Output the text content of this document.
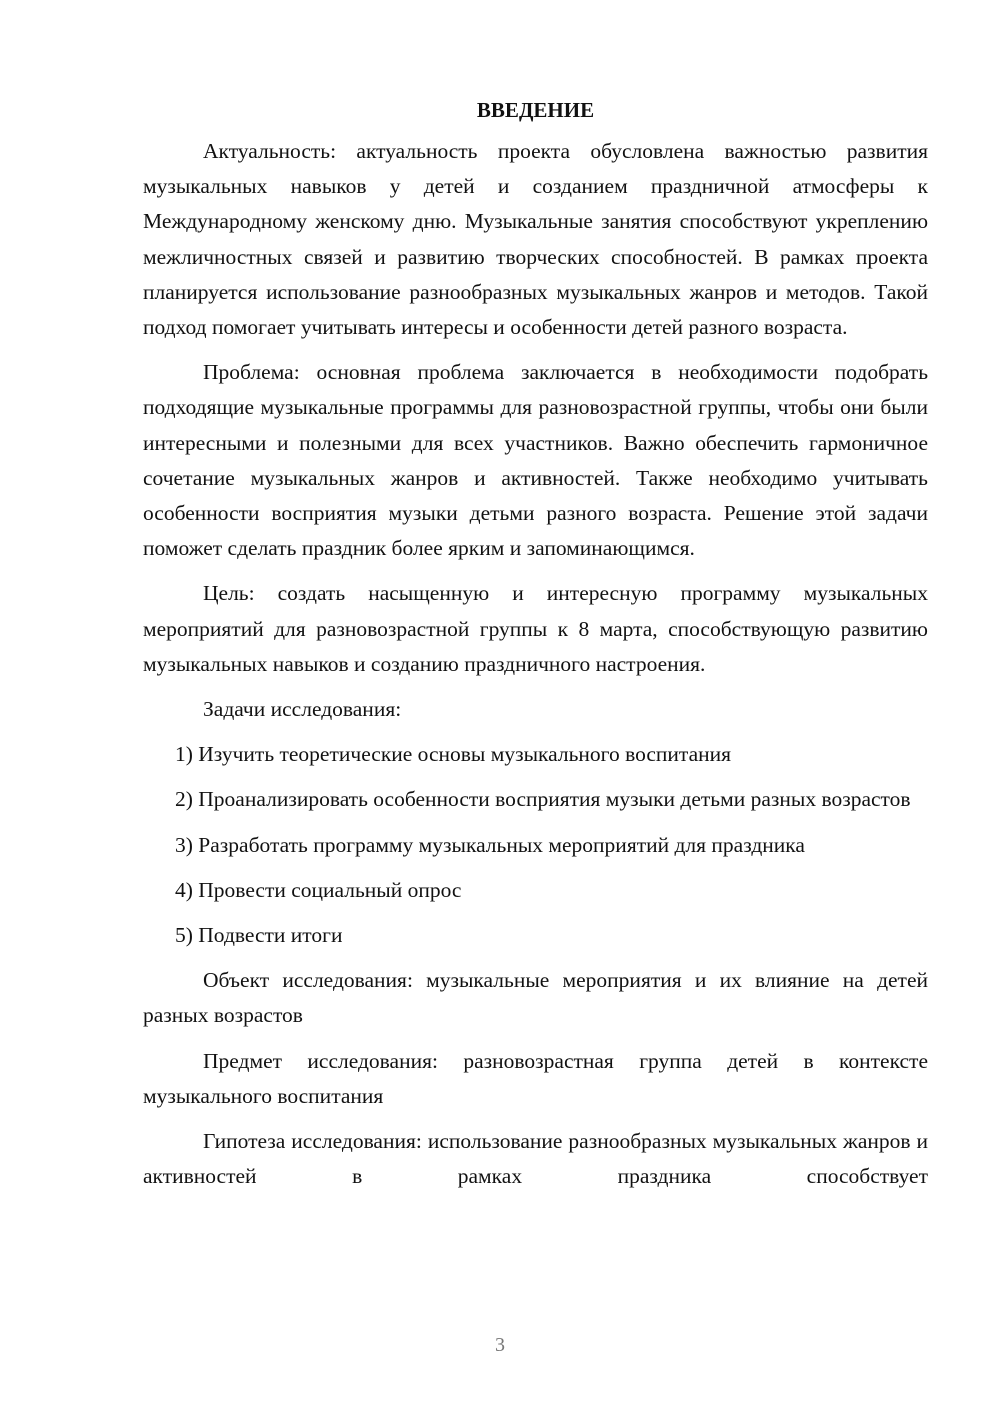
ВВЕДЕНИЕ

Актуальность: актуальность проекта обусловлена важностью развития музыкальных навыков у детей и созданием праздничной атмосферы к Международному женскому дню. Музыкальные занятия способствуют укреплению межличностных связей и развитию творческих способностей. В рамках проекта планируется использование разнообразных музыкальных жанров и методов. Такой подход помогает учитывать интересы и особенности детей разного возраста.

Проблема: основная проблема заключается в необходимости подобрать подходящие музыкальные программы для разновозрастной группы, чтобы они были интересными и полезными для всех участников. Важно обеспечить гармоничное сочетание музыкальных жанров и активностей. Также необходимо учитывать особенности восприятия музыки детьми разного возраста. Решение этой задачи поможет сделать праздник более ярким и запоминающимся.

Цель: создать насыщенную и интересную программу музыкальных мероприятий для разновозрастной группы к 8 марта, способствующую развитию музыкальных навыков и созданию праздничного настроения.

Задачи исследования:

1) Изучить теоретические основы музыкального воспитания

2) Проанализировать особенности восприятия музыки детьми разных возрастов

3) Разработать программу музыкальных мероприятий для праздника

4) Провести социальный опрос

5) Подвести итоги

Объект исследования: музыкальные мероприятия и их влияние на детей разных возрастов

Предмет исследования: разновозрастная группа детей в контексте музыкального воспитания

Гипотеза исследования: использование разнообразных музыкальных жанров и активностей в рамках праздника способствует

3
